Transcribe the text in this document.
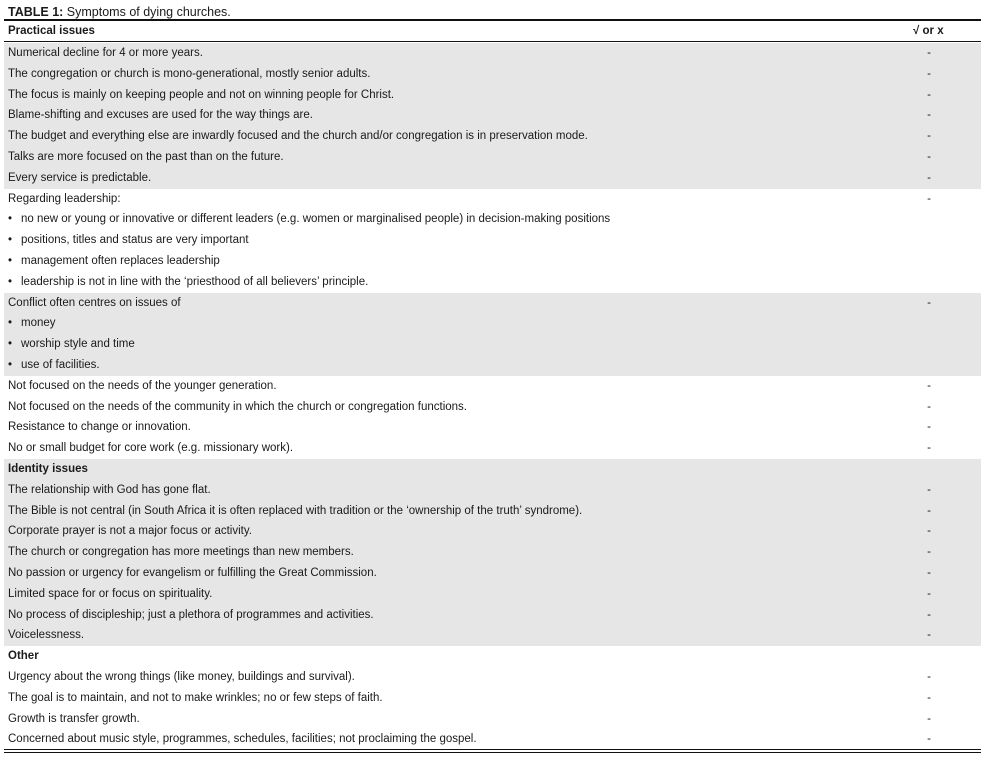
TABLE 1: Symptoms of dying churches.
Practical issues	√ or x
Numerical decline for 4 or more years.	-
The congregation or church is mono-generational, mostly senior adults.	-
The focus is mainly on keeping people and not on winning people for Christ.	-
Blame-shifting and excuses are used for the way things are.	-
The budget and everything else are inwardly focused and the church and/or congregation is in preservation mode.	-
Talks are more focused on the past than on the future.	-
Every service is predictable.	-
Regarding leadership:	-
• no new or young or innovative or different leaders (e.g. women or marginalised people) in decision-making positions
• positions, titles and status are very important
• management often replaces leadership
• leadership is not in line with the ‘priesthood of all believers’ principle.
Conflict often centres on issues of	-
• money
• worship style and time
• use of facilities.
Not focused on the needs of the younger generation.	-
Not focused on the needs of the community in which the church or congregation functions.	-
Resistance to change or innovation.	-
No or small budget for core work (e.g. missionary work).	-
Identity issues
The relationship with God has gone flat.	-
The Bible is not central (in South Africa it is often replaced with tradition or the ‘ownership of the truth’ syndrome).	-
Corporate prayer is not a major focus or activity.	-
The church or congregation has more meetings than new members.	-
No passion or urgency for evangelism or fulfilling the Great Commission.	-
Limited space for or focus on spirituality.	-
No process of discipleship; just a plethora of programmes and activities.	-
Voicelessness.	-
Other
Urgency about the wrong things (like money, buildings and survival).	-
The goal is to maintain, and not to make wrinkles; no or few steps of faith.	-
Growth is transfer growth.	-
Concerned about music style, programmes, schedules, facilities; not proclaiming the gospel.	-
